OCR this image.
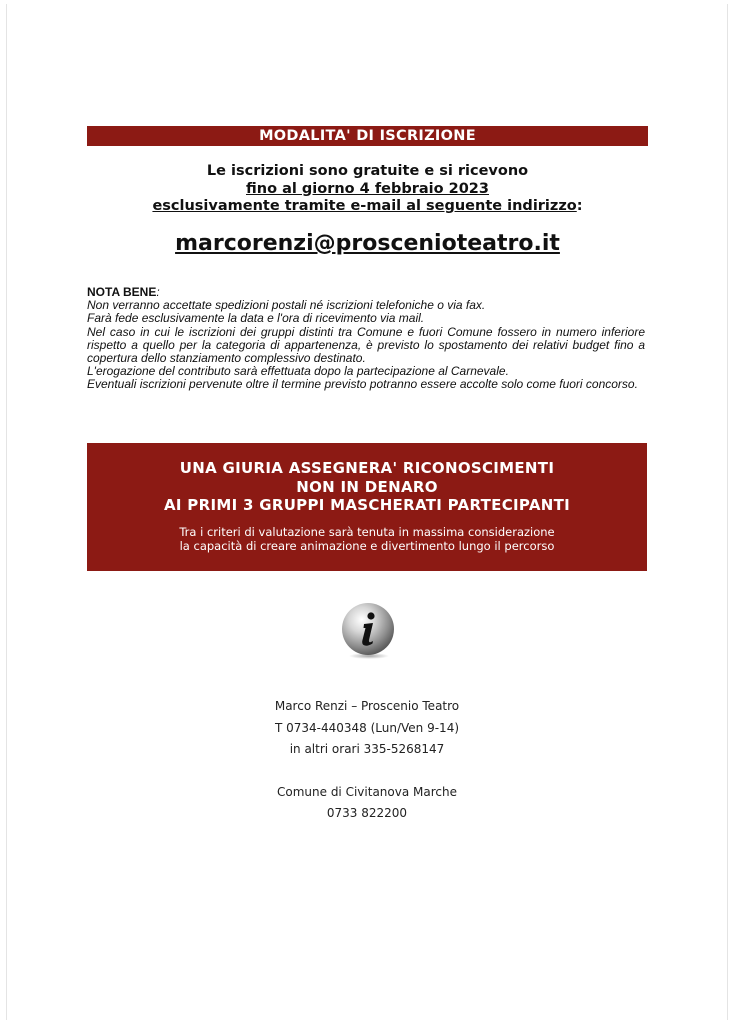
MODALITA' DI ISCRIZIONE
Le iscrizioni sono gratuite e si ricevono
fino al giorno 4 febbraio 2023
esclusivamente tramite e-mail al seguente indirizzo:
marcorenzi@proscenioteatro.it
NOTA BENE:

Non verranno accettate spedizioni postali né iscrizioni telefoniche o via fax.

Farà fede esclusivamente la data e l'ora di ricevimento via mail.

Nel caso in cui le iscrizioni dei gruppi distinti tra Comune e fuori Comune fossero in numero inferiore rispetto a quello per la categoria di appartenenza, è previsto lo spostamento dei relativi budget fino a copertura dello stanziamento complessivo destinato.

L'erogazione del contributo sarà effettuata dopo la partecipazione al Carnevale.

Eventuali iscrizioni pervenute oltre il termine previsto potranno essere accolte solo come fuori concorso.

UNA GIURIA ASSEGNERA' RICONOSCIMENTI
NON IN DENARO
AI PRIMI 3 GRUPPI MASCHERATI PARTECIPANTI
Tra i criteri di valutazione sarà tenuta in massima considerazione
la capacità di creare animazione e divertimento lungo il percorso
Marco Renzi – Proscenio Teatro
T 0734-440348 (Lun/Ven 9-14)
in altri orari 335-5268147
Comune di Civitanova Marche
0733 822200
